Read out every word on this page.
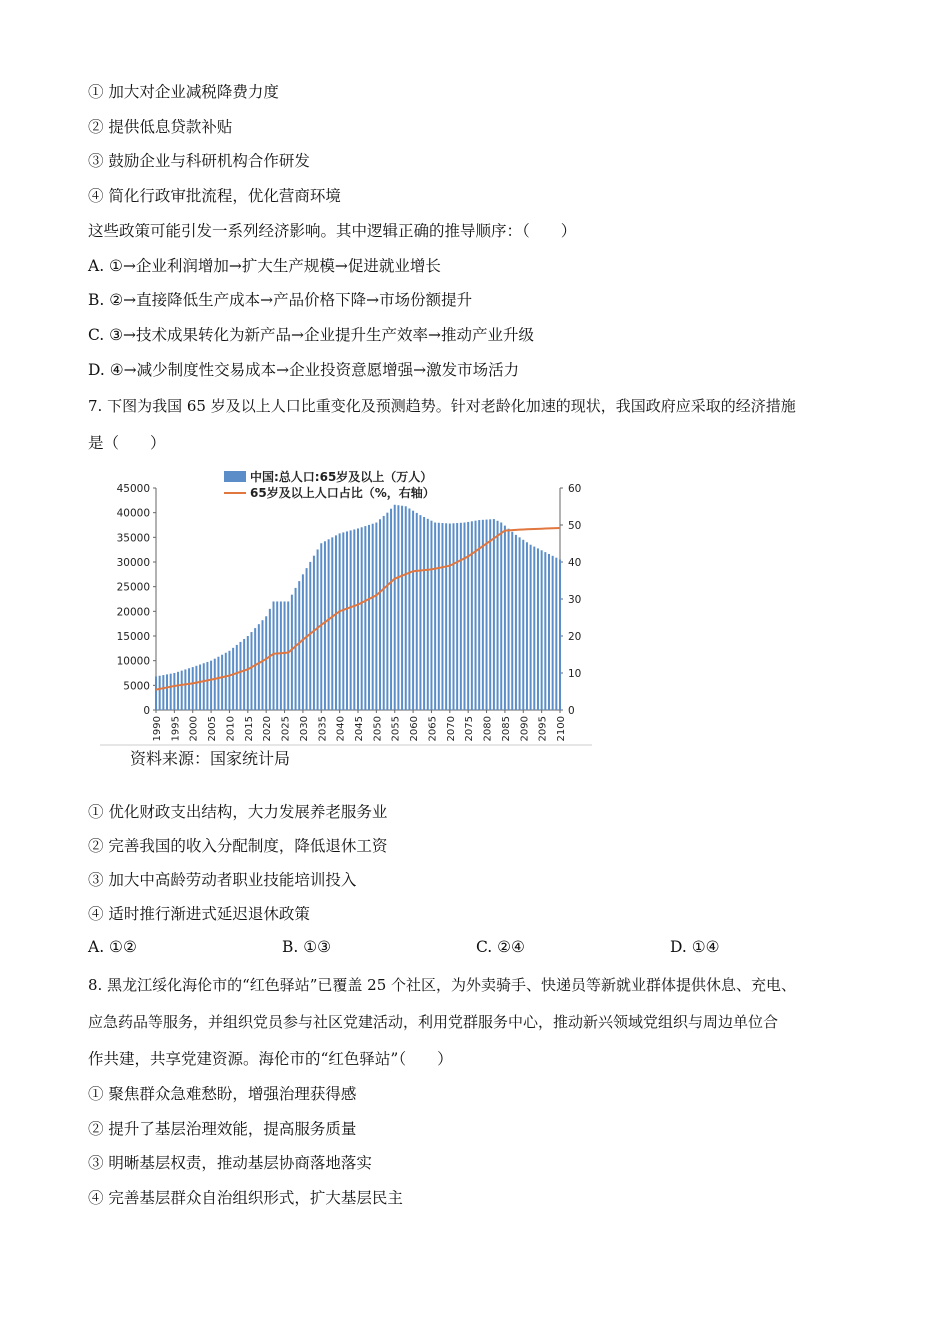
① 加大对企业减税降费力度
② 提供低息贷款补贴
③ 鼓励企业与科研机构合作研发
④ 简化行政审批流程，优化营商环境
这些政策可能引发一系列经济影响。其中逻辑正确的推导顺序：（　　）
A. ①→企业利润增加→扩大生产规模→促进就业增长
B. ②→直接降低生产成本→产品价格下降→市场份额提升
C. ③→技术成果转化为新产品→企业提升生产效率→推动产业升级
D. ④→减少制度性交易成本→企业投资意愿增强→激发市场活力
7. 下图为我国 65 岁及以上人口比重变化及预测趋势。针对老龄化加速的现状，我国政府应采取的经济措施
是（　　）
中国:总人口:65岁及以上（万人）
65岁及以上人口占比（%，右轴）
0
5000
10000
15000
20000
25000
30000
35000
40000
45000
0
10
20
30
40
50
60
1990 1995 2000 2005 2010 2015 2020 2025 2030 2035 2040 2045 2050 2055 2060 2065 2070 2075 2080 2085 2090 2095 2100
资料来源：国家统计局
① 优化财政支出结构，大力发展养老服务业
② 完善我国的收入分配制度，降低退休工资
③ 加大中高龄劳动者职业技能培训投入
④ 适时推行渐进式延迟退休政策
A. ①②	B. ①③	C. ②④	D. ①④
8. 黑龙江绥化海伦市的“红色驿站”已覆盖 25 个社区，为外卖骑手、快递员等新就业群体提供休息、充电、
应急药品等服务，并组织党员参与社区党建活动，利用党群服务中心，推动新兴领域党组织与周边单位合
作共建，共享党建资源。海伦市的“红色驿站”（　　）
① 聚焦群众急难愁盼，增强治理获得感
② 提升了基层治理效能，提高服务质量
③ 明晰基层权责，推动基层协商落地落实
④ 完善基层群众自治组织形式，扩大基层民主
